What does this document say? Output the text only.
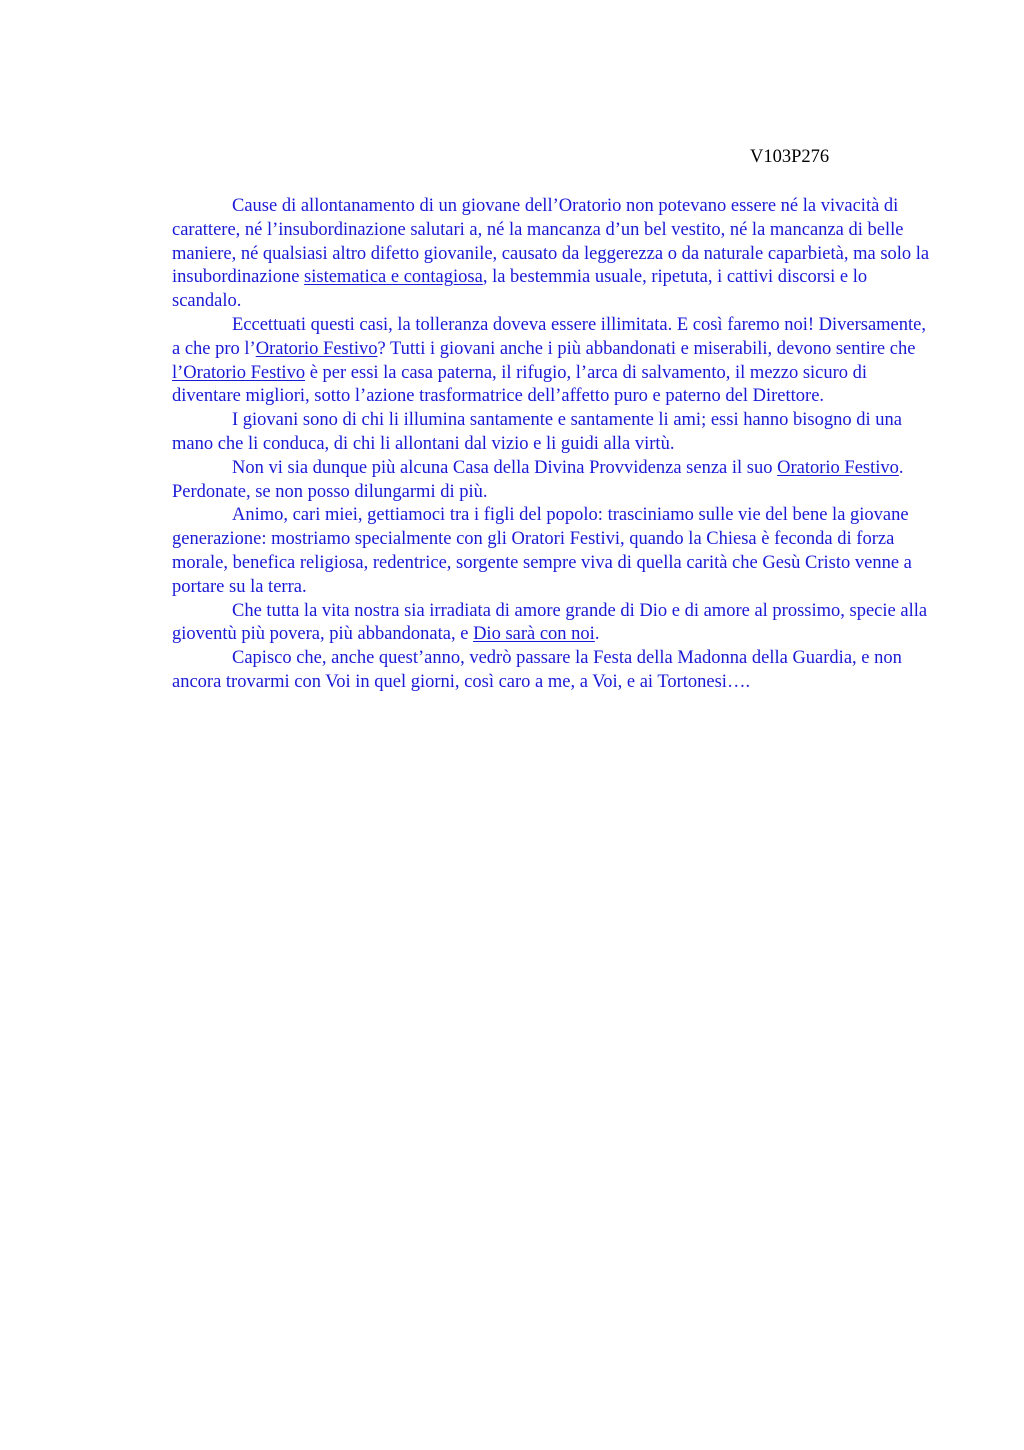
V103P276

Cause di allontanamento di un giovane dell’Oratorio non potevano essere né la vivacità di carattere, né l’insubordinazione salutari a, né la mancanza d’un bel vestito, né la mancanza di belle maniere, né qualsiasi altro difetto giovanile, causato da leggerezza o da naturale caparbietà, ma solo la insubordinazione sistematica e contagiosa, la bestemmia usuale, ripetuta, i cattivi discorsi e lo scandalo.

Eccettuati questi casi, la tolleranza doveva essere illimitata. E così faremo noi! Diversamente, a che pro l’Oratorio Festivo? Tutti i giovani anche i più abbandonati e miserabili, devono sentire che l’Oratorio Festivo è per essi la casa paterna, il rifugio, l’arca di salvamento, il mezzo sicuro di diventare migliori, sotto l’azione trasformatrice dell’affetto puro e paterno del Direttore.

I giovani sono di chi li illumina santamente e santamente li ami; essi hanno bisogno di una mano che li conduca, di chi li allontani dal vizio e li guidi alla virtù.

Non vi sia dunque più alcuna Casa della Divina Provvidenza senza il suo Oratorio Festivo. Perdonate, se non posso dilungarmi di più.

Animo, cari miei, gettiamoci tra i figli del popolo: trasciniamo sulle vie del bene la giovane generazione: mostriamo specialmente con gli Oratori Festivi, quando la Chiesa è feconda di forza morale, benefica religiosa, redentrice, sorgente sempre viva di quella carità che Gesù Cristo venne a portare su la terra.

Che tutta la vita nostra sia irradiata di amore grande di Dio e di amore al prossimo, specie alla gioventù più povera, più abbandonata, e Dio sarà con noi.

Capisco che, anche quest’anno, vedrò passare la Festa della Madonna della Guardia, e non ancora trovarmi con Voi in quel giorni, così caro a me, a Voi, e ai Tortonesi….
